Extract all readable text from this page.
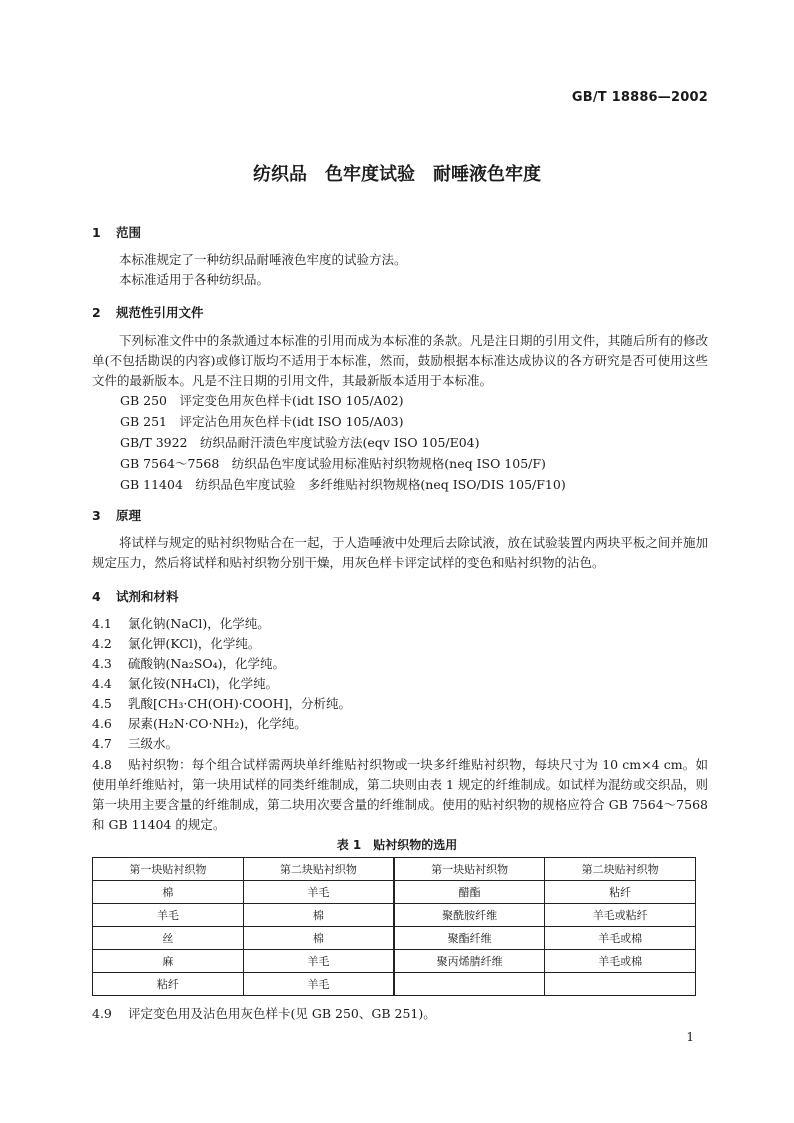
GB/T 18886—2002
纺织品 色牢度试验 耐唾液色牢度
1 范围
本标准规定了一种纺织品耐唾液色牢度的试验方法。
本标准适用于各种纺织品。
2 规范性引用文件
下列标准文件中的条款通过本标准的引用而成为本标准的条款。凡是注日期的引用文件，其随后所有的修改单(不包括勘误的内容)或修订版均不适用于本标准，然而，鼓励根据本标准达成协议的各方研究是否可使用这些文件的最新版本。凡是不注日期的引用文件，其最新版本适用于本标准。
GB 250　评定变色用灰色样卡(idt ISO 105/A02)
GB 251　评定沾色用灰色样卡(idt ISO 105/A03)
GB/T 3922　纺织品耐汗渍色牢度试验方法(eqv ISO 105/E04)
GB 7564～7568　纺织品色牢度试验用标准贴衬织物规格(neq ISO 105/F)
GB 11404　纺织品色牢度试验　多纤维贴衬织物规格(neq ISO/DIS 105/F10)
3 原理
将试样与规定的贴衬织物贴合在一起，于人造唾液中处理后去除试液，放在试验装置内两块平板之间并施加规定压力，然后将试样和贴衬织物分别干燥，用灰色样卡评定试样的变色和贴衬织物的沾色。
4 试剂和材料
4.1 氯化钠(NaCl)，化学纯。
4.2 氯化钾(KCl)，化学纯。
4.3 硫酸钠(Na₂SO₄)，化学纯。
4.4 氯化铵(NH₄Cl)，化学纯。
4.5 乳酸[CH₃·CH(OH)·COOH]，分析纯。
4.6 尿素(H₂N·CO·NH₂)，化学纯。
4.7 三级水。
4.8 贴衬织物：每个组合试样需两块单纤维贴衬织物或一块多纤维贴衬织物，每块尺寸为 10 cm×4 cm。如使用单纤维贴衬，第一块用试样的同类纤维制成，第二块则由表 1 规定的纤维制成。如试样为混纺或交织品，则第一块用主要含量的纤维制成，第二块用次要含量的纤维制成。使用的贴衬织物的规格应符合 GB 7564～7568 和 GB 11404 的规定。
表 1　贴衬织物的选用
第一块贴衬织物	第二块贴衬织物	第一块贴衬织物	第二块贴衬织物
棉	羊毛	醋酯	粘纤
羊毛	棉	聚酰胺纤维	羊毛或粘纤
丝	棉	聚酯纤维	羊毛或棉
麻	羊毛	聚丙烯腈纤维	羊毛或棉
粘纤	羊毛		
4.9 评定变色用及沾色用灰色样卡(见 GB 250、GB 251)。
1
